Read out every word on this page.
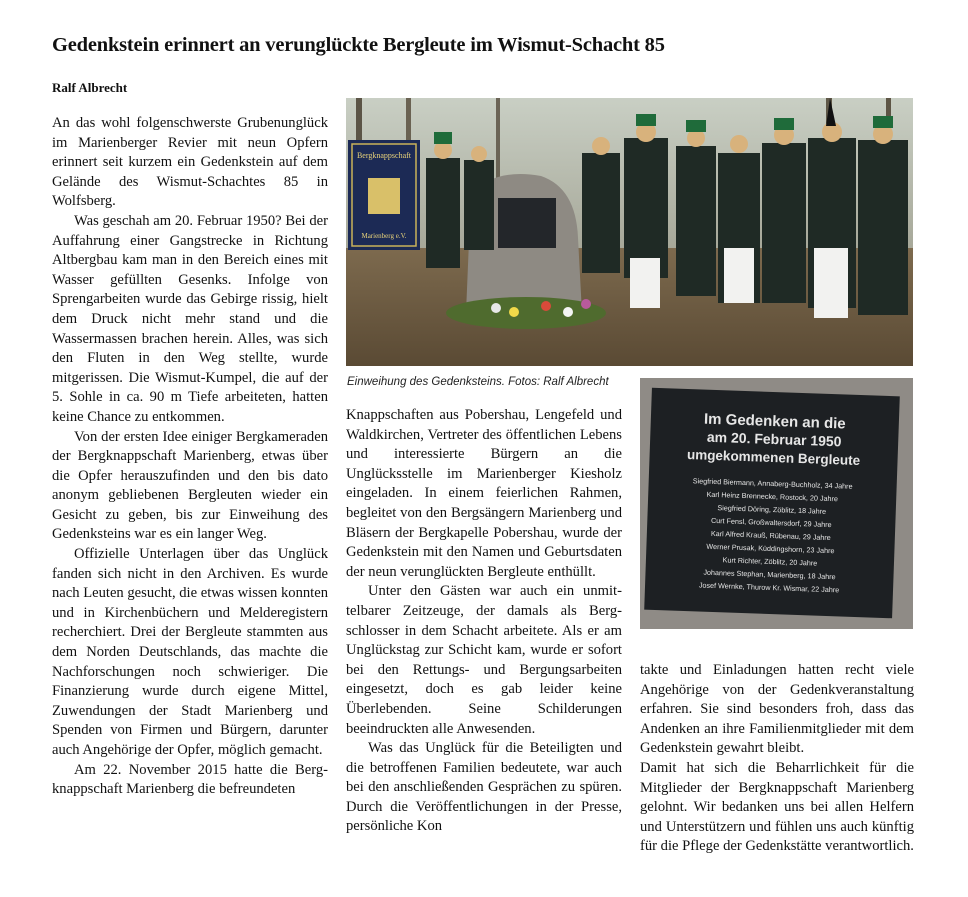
Gedenkstein erinnert an verunglückte Bergleute im Wismut-Schacht 85
Ralf Albrecht

An das wohl folgenschwerste Grubenunglück im Marienberger Revier mit neun Opfern erinnert seit kurzem ein Gedenkstein auf dem Gelände des Wismut-Schachtes 85 in Wolfsberg.

Was geschah am 20. Februar 1950? Bei der Auffahrung einer Gangstrecke in Richtung Altbergbau kam man in den Bereich eines mit Wasser gefüllten Gesenks. Infolge von Sprengarbeiten wurde das Gebirge rissig, hielt dem Druck nicht mehr stand und die Wassermassen brachen herein. Alles, was sich den Fluten in den Weg stellte, wurde mitgerissen. Die Wismut-Kumpel, die auf der 5. Sohle in ca. 90 m Tiefe arbeiteten, hatten keine Chance zu entkommen.

Von der ersten Idee einiger Bergkameraden der Bergknappschaft Marienberg, etwas über die Opfer herauszufinden und den bis dato anonym gebliebenen Bergleuten wieder ein Gesicht zu geben, bis zur Einweihung des Gedenksteins war es ein langer Weg.

Offizielle Unterlagen über das Unglück fanden sich nicht in den Archiven. Es wurde nach Leuten gesucht, die etwas wissen konnten und in Kirchenbüchern und Melderegistern recherchiert. Drei der Bergleute stammten aus dem Norden Deutschlands, das machte die Nachforschungen noch schwieriger. Die Finanzierung wurde durch eigene Mittel, Zuwendungen der Stadt Marienberg und Spenden von Firmen und Bürgern, darunter auch Angehörige der Opfer, möglich gemacht.

Am 22. November 2015 hatte die Bergknappschaft Marienberg die befreundeten

Bergknappschaft
Marienberg e.V.
Einweihung des Gedenksteins. Fotos: Ralf Albrecht
Im Gedenken an die
am 20. Februar 1950
umgekommenen Bergleute
Siegfried Biermann, Annaberg-Buchholz, 34 Jahre
Karl Heinz Brennecke, Rostock, 20 Jahre
Siegfried Döring, Zöblitz, 18 Jahre
Curt Fensl, Großwaltersdorf, 29 Jahre
Karl Alfred Krauß, Rübenau, 29 Jahre
Werner Prusak, Küddingshorn, 23 Jahre
Kurt Richter, Zöblitz, 20 Jahre
Johannes Stephan, Marienberg, 18 Jahre
Josef Wernke, Thurow Kr. Wismar, 22 Jahre

Knappschaften aus Pobershau, Lengefeld und Waldkirchen, Vertreter des öffentlichen Lebens und interessierte Bürgern an die Unglücksstelle im Marienberger Kiesholz eingeladen. In einem feierlichen Rahmen, begleitet von den Bergsängern Marienberg und Bläsern der Bergkapelle Pobershau, wurde der Gedenkstein mit den Namen und Geburtsdaten der neun verunglückten Bergleute enthüllt.

Unter den Gästen war auch ein unmittelbarer Zeitzeuge, der damals als Bergschlosser in dem Schacht arbeitete. Als er am Unglückstag zur Schicht kam, wurde er sofort bei den Rettungs- und Bergungsarbeiten eingesetzt, doch es gab leider keine Überlebenden. Seine Schilderungen beeindruckten alle Anwesenden.

Was das Unglück für die Beteiligten und die betroffenen Familien bedeutete, war auch bei den anschließenden Gesprächen zu spüren. Durch die Veröffentlichungen in der Presse, persönliche Kon

takte und Einladungen hatten recht viele Angehörige von der Gedenkveranstaltung erfahren. Sie sind besonders froh, dass das Andenken an ihre Familienmitglieder mit dem Gedenkstein gewahrt bleibt.

Damit hat sich die Beharrlichkeit für die Mitglieder der Bergknappschaft Marienberg gelohnt. Wir bedanken uns bei allen Helfern und Unterstützern und fühlen uns auch künftig für die Pflege der Gedenkstätte verantwortlich.
